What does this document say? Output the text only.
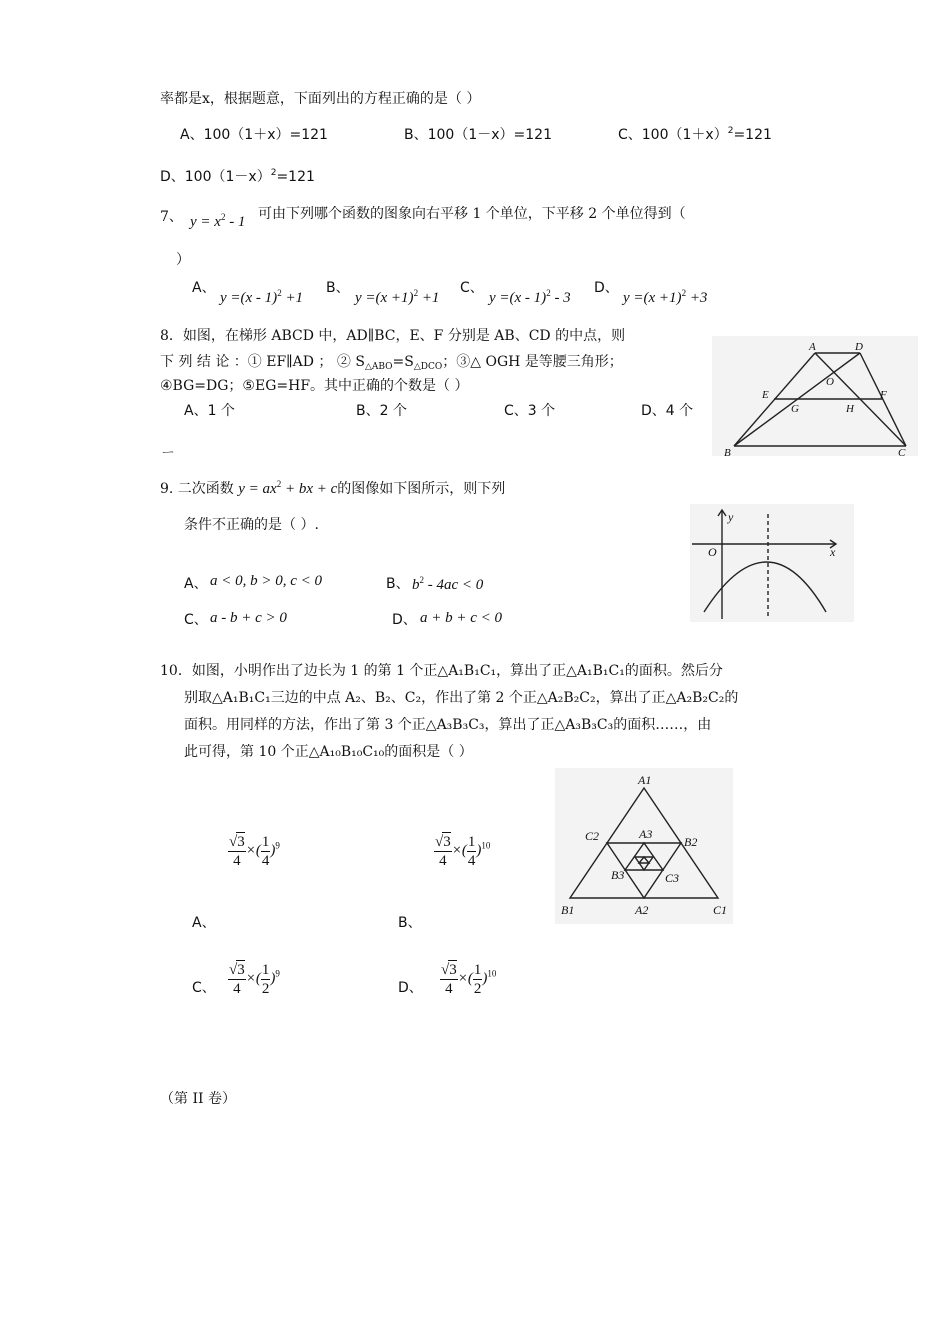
率都是x，根据题意，下面列出的方程正确的是（ ）
A、100（1＋x）=121	B、100（1－x）=121	C、$100(1+x)^2=121$
D、$100(1-x)^2=121$
7、 $y = x^2 - 1$ 可由下列哪个函数的图象向右平移 1 个单位，下平移 2 个单位得到（
）
A、
y =(x - 1)$^2$ +1
B、
$y =(x +1)^2 +1$
C、
y =(x - 1)$^2$ - 3
D、
$y =(x +1)^2 +3$
8．如图，在梯形 ABCD 中，AD∥BC，E、F 分别是 AB、CD 的中点，则
下 列 结 论 ：① EF∥AD ； ② $S_{\triangle ABO}=S_{\triangle DCO}$；③△ OGH 是等腰三角形；
④BG=DG；⑤EG=HF。其中正确的个数是（ ）
A、1 个	B、2 个	C、3 个	D、4 个
ㄧ
A	D
O
E
G	H
F
B	C
9. 二次函数 $y = ax^2$ + bx + c的图像如下图所示，则下列
条件不正确的是（ ）.
A、 a < 0, b > 0, c < 0	B、 $b^2 - 4ac < 0$
C、 a - b + c > 0	D、 a + b + c < 0
y
O	x
10．如图，小明作出了边长为 1 的第 1 个正△A₁B₁C₁，算出了正△A₁B₁C₁的面积。然后分
别取△A₁B₁C₁三边的中点 A₂、B₂、C₂，作出了第 2 个正△A₂B₂C₂，算出了正△A₂B₂C₂的
面积。用同样的方法，作出了第 3 个正△A₃B₃C₃，算出了正△A₃B₃C₃的面积……，由
此可得，第 10 个正△A₁₀B₁₀C₁₀的面积是（ ）
$\frac{√3}{4}$ ×( $\frac{1}{4} )^9$
A、
$\frac{√3}{4}$ ×( $\frac{1}{4} )^{10}$
B、
C、 $\frac{√3}{4}$ ×( $\frac{1}{2} )^9$
D、 $\frac{√3}{4}$ ×( $\frac{1}{2} )^{10}$
A1
C2	A3
B2
B3	C3
B1	A2	C1
（第 II 卷）
